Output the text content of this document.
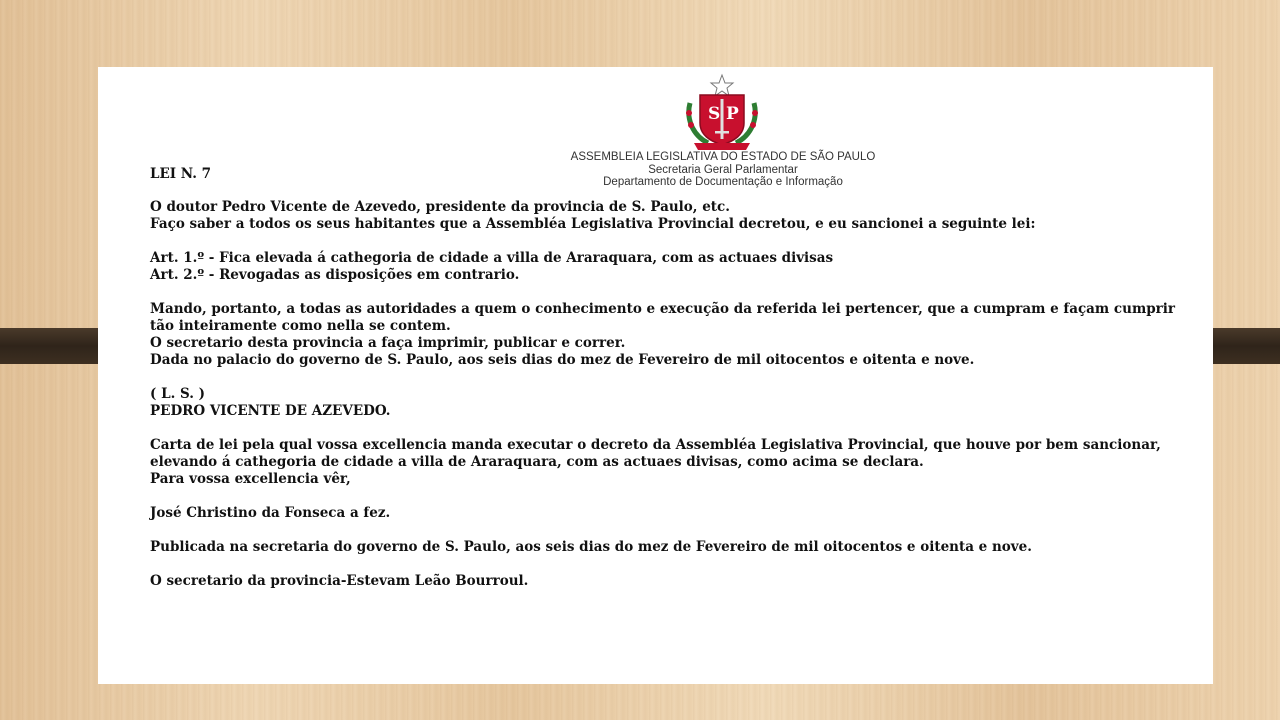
S P
ASSEMBLEIA LEGISLATIVA DO ESTADO DE SÃO PAULO
Secretaria Geral Parlamentar
Departamento de Documentação e Informação
LEI N. 7

O doutor Pedro Vicente de Azevedo, presidente da provincia de S. Paulo, etc.

Faço saber a todos os seus habitantes que a Assembléa Legislativa Provincial decretou, e eu sancionei a seguinte lei:

Art. 1.º - Fica elevada á cathegoria de cidade a villa de Araraquara, com as actuaes divisas

Art. 2.º - Revogadas as disposições em contrario.

Mando, portanto, a todas as autoridades a quem o conhecimento e execução da referida lei pertencer, que a cumpram e façam cumprir tão inteiramente como nella se contem.

O secretario desta provincia a faça imprimir, publicar e correr.

Dada no palacio do governo de S. Paulo, aos seis dias do mez de Fevereiro de mil oitocentos e oitenta e nove.

( L. S. )

PEDRO VICENTE DE AZEVEDO.

Carta de lei pela qual vossa excellencia manda executar o decreto da Assembléa Legislativa Provincial, que houve por bem sancionar, elevando á cathegoria de cidade a villa de Araraquara, com as actuaes divisas, como acima se declara.

Para vossa excellencia vêr,

José Christino da Fonseca a fez.

Publicada na secretaria do governo de S. Paulo, aos seis dias do mez de Fevereiro de mil oitocentos e oitenta e nove.

O secretario da provincia-Estevam Leão Bourroul.
